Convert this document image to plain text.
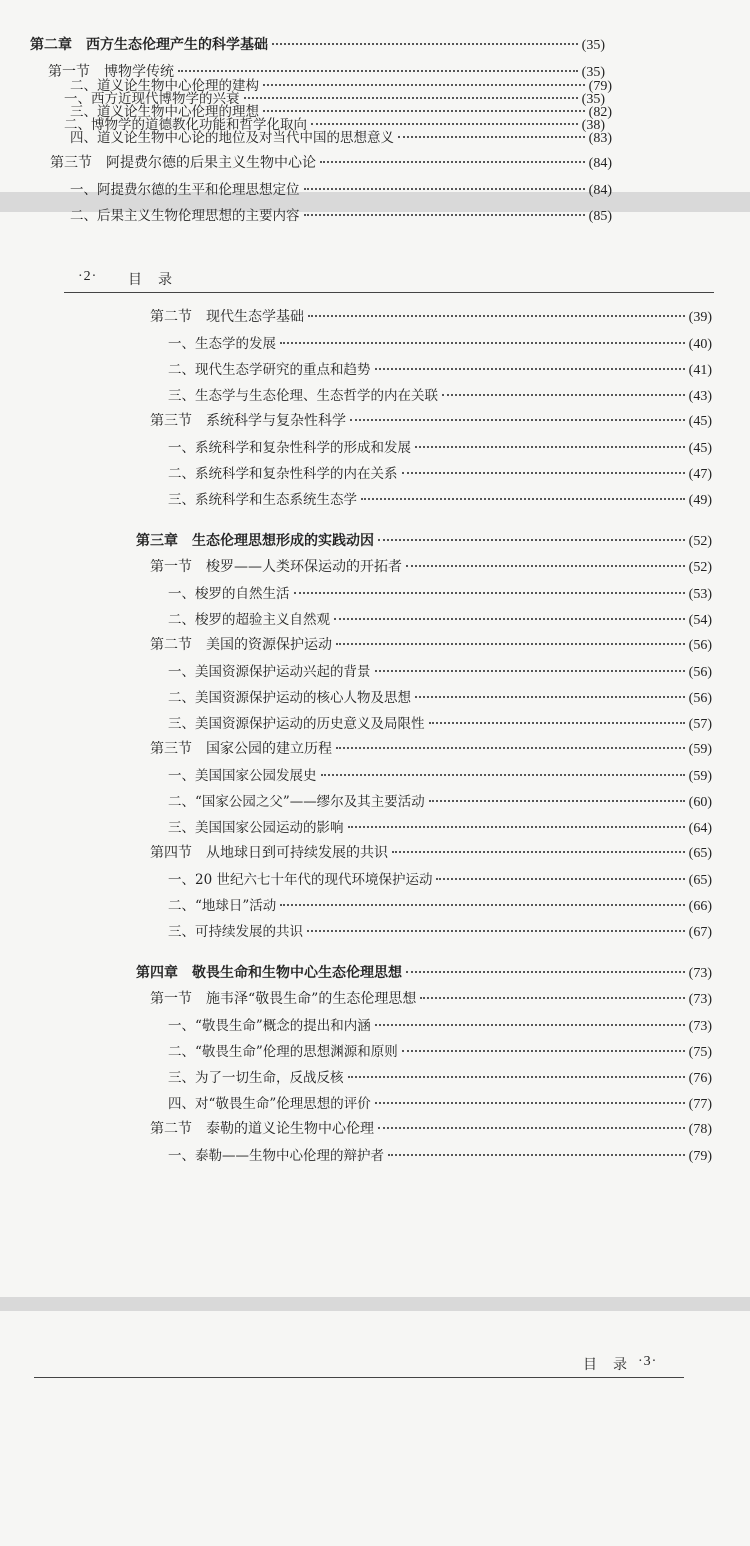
第二章　西方生态伦理产生的科学基础	(35)
第一节　博物学传统	(35)
一、西方近现代博物学的兴衰	(35)
二、博物学的道德教化功能和哲学化取向	(38)
·2· 目　录
第二节　现代生态学基础	(39)
一、生态学的发展	(40)
二、现代生态学研究的重点和趋势	(41)
三、生态学与生态伦理、生态哲学的内在关联	(43)
第三节　系统科学与复杂性科学	(45)
一、系统科学和复杂性科学的形成和发展	(45)
二、系统科学和复杂性科学的内在关系	(47)
三、系统科学和生态系统生态学	(49)
第三章　生态伦理思想形成的实践动因	(52)
第一节　梭罗——人类环保运动的开拓者	(52)
一、梭罗的自然生活	(53)
二、梭罗的超验主义自然观	(54)
第二节　美国的资源保护运动	(56)
一、美国资源保护运动兴起的背景	(56)
二、美国资源保护运动的核心人物及思想	(56)
三、美国资源保护运动的历史意义及局限性	(57)
第三节　国家公园的建立历程	(59)
一、美国国家公园发展史	(59)
二、“国家公园之父”——缪尔及其主要活动	(60)
三、美国国家公园运动的影响	(64)
第四节　从地球日到可持续发展的共识	(65)
一、20 世纪六七十年代的现代环境保护运动	(65)
二、“地球日”活动	(66)
三、可持续发展的共识	(67)
第四章　敬畏生命和生物中心生态伦理思想	(73)
第一节　施韦泽“敬畏生命”的生态伦理思想	(73)
一、“敬畏生命”概念的提出和内涵	(73)
二、“敬畏生命”伦理的思想渊源和原则	(75)
三、为了一切生命，反战反核	(76)
四、对“敬畏生命”伦理思想的评价	(77)
第二节　泰勒的道义论生物中心伦理	(78)
一、泰勒——生物中心伦理的辩护者	(79)
目　录 ·3·
二、道义论生物中心伦理的建构	(79)
三、道义论生物中心伦理的理想	(82)
四、道义论生物中心论的地位及对当代中国的思想意义	(83)
第三节　阿提费尔德的后果主义生物中心论	(84)
一、阿提费尔德的生平和伦理思想定位	(84)
二、后果主义生物伦理思想的主要内容	(85)
